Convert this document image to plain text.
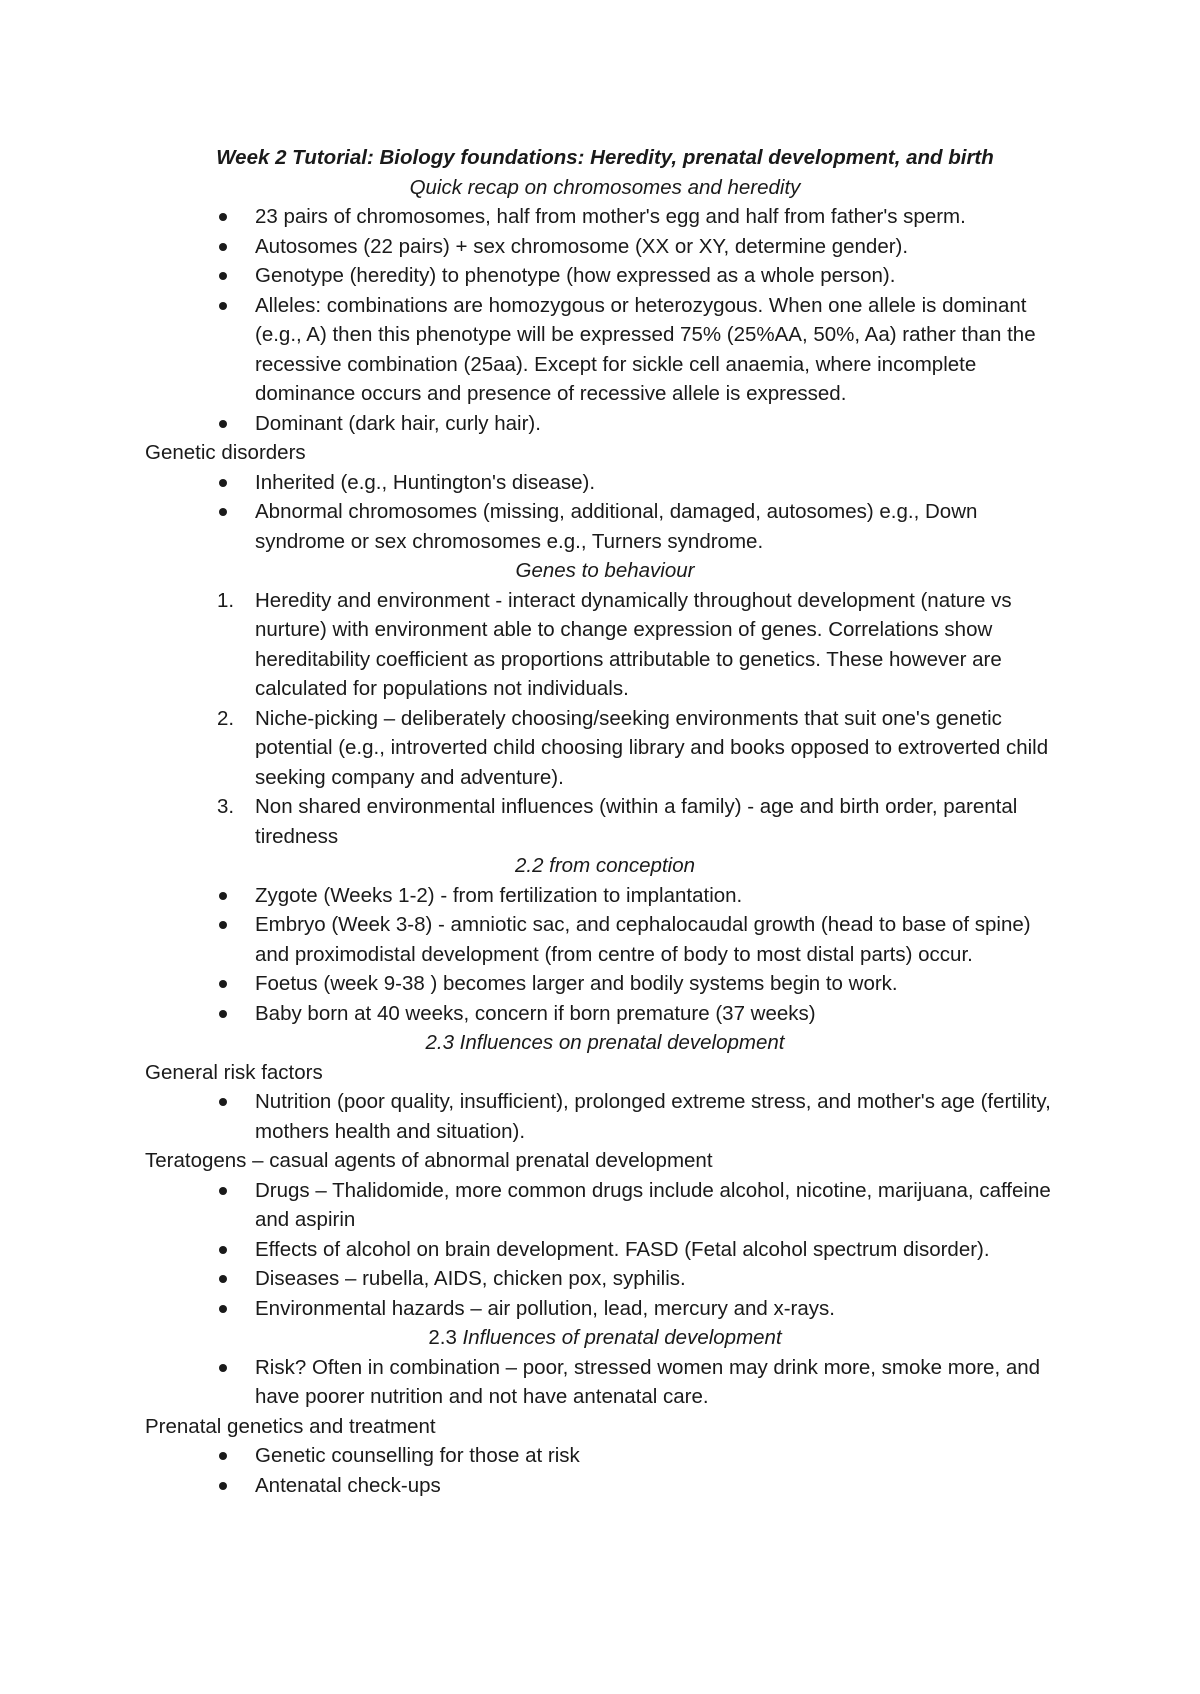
Week 2 Tutorial: Biology foundations: Heredity, prenatal development, and birth

Quick recap on chromosomes and heredity

23 pairs of chromosomes, half from mother's egg and half from father's sperm.
Autosomes (22 pairs) + sex chromosome (XX or XY, determine gender).
Genotype (heredity) to phenotype (how expressed as a whole person).
Alleles: combinations are homozygous or heterozygous. When one allele is dominant (e.g., A) then this phenotype will be expressed 75% (25%AA, 50%, Aa) rather than the recessive combination (25aa). Except for sickle cell anaemia, where incomplete dominance occurs and presence of recessive allele is expressed.
Dominant (dark hair, curly hair).

Genetic disorders

Inherited (e.g., Huntington's disease).
Abnormal chromosomes (missing, additional, damaged, autosomes) e.g., Down syndrome or sex chromosomes e.g., Turners syndrome.

Genes to behaviour

1. Heredity and environment - interact dynamically throughout development (nature vs nurture) with environment able to change expression of genes. Correlations show hereditability coefficient as proportions attributable to genetics. These however are calculated for populations not individuals.
2. Niche-picking – deliberately choosing/seeking environments that suit one's genetic potential (e.g., introverted child choosing library and books opposed to extroverted child seeking company and adventure).
3. Non shared environmental influences (within a family) - age and birth order, parental tiredness

2.2 from conception

Zygote (Weeks 1-2) - from fertilization to implantation.
Embryo (Week 3-8) - amniotic sac, and cephalocaudal growth (head to base of spine) and proximodistal development (from centre of body to most distal parts) occur.
Foetus (week 9-38 ) becomes larger and bodily systems begin to work.
Baby born at 40 weeks, concern if born premature (37 weeks)

2.3 Influences on prenatal development

General risk factors

Nutrition (poor quality, insufficient), prolonged extreme stress, and mother's age (fertility, mothers health and situation).

Teratogens – casual agents of abnormal prenatal development

Drugs – Thalidomide, more common drugs include alcohol, nicotine, marijuana, caffeine and aspirin
Effects of alcohol on brain development. FASD (Fetal alcohol spectrum disorder).
Diseases – rubella, AIDS, chicken pox, syphilis.
Environmental hazards – air pollution, lead, mercury and x-rays.

2.3 Influences of prenatal development

Risk? Often in combination – poor, stressed women may drink more, smoke more, and have poorer nutrition and not have antenatal care.

Prenatal genetics and treatment

Genetic counselling for those at risk
Antenatal check-ups
